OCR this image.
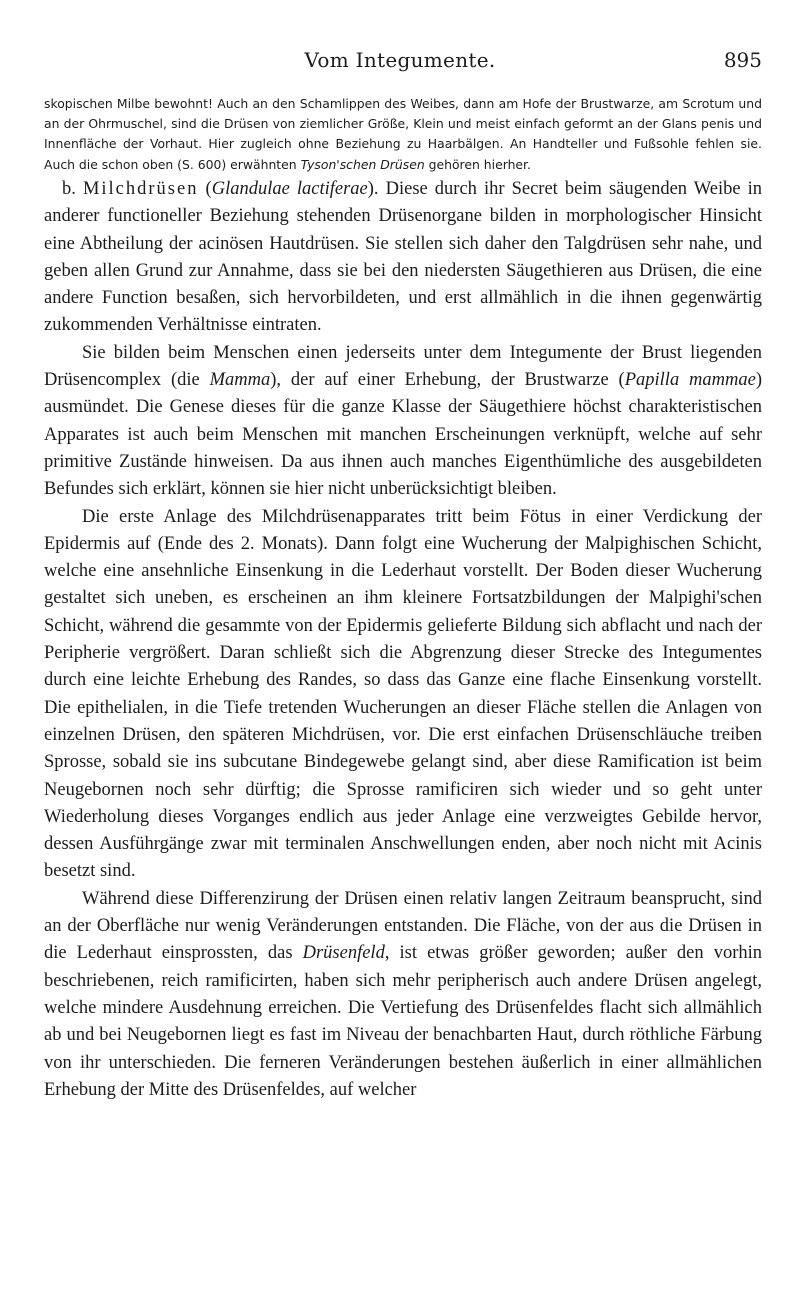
Vom Integumente.	895
skopischen Milbe bewohnt! Auch an den Schamlippen des Weibes, dann am Hofe der Brustwarze, am Scrotum und an der Ohrmuschel, sind die Drüsen von ziemlicher Größe, Klein und meist einfach geformt an der Glans penis und Innenfläche der Vorhaut. Hier zugleich ohne Beziehung zu Haarbälgen. An Handteller und Fußsohle fehlen sie. Auch die schon oben (S. 600) erwähnten Tyson'schen Drüsen gehören hierher.

b. Milchdrüsen (Glandulae lactiferae). Diese durch ihr Secret beim säugenden Weibe in anderer functioneller Beziehung stehenden Drüsenorgane bilden in morphologischer Hinsicht eine Abtheilung der acinösen Hautdrüsen. Sie stellen sich daher den Talgdrüsen sehr nahe, und geben allen Grund zur Annahme, dass sie bei den niedersten Säugethieren aus Drüsen, die eine andere Function besaßen, sich hervorbildeten, und erst allmählich in die ihnen gegenwärtig zukommenden Verhältnisse eintraten.

Sie bilden beim Menschen einen jederseits unter dem Integumente der Brust liegenden Drüsencomplex (die Mamma), der auf einer Erhebung, der Brustwarze (Papilla mammae) ausmündet. Die Genese dieses für die ganze Klasse der Säugethiere höchst charakteristischen Apparates ist auch beim Menschen mit manchen Erscheinungen verknüpft, welche auf sehr primitive Zustände hinweisen. Da aus ihnen auch manches Eigenthümliche des ausgebildeten Befundes sich erklärt, können sie hier nicht unberücksichtigt bleiben.

Die erste Anlage des Milchdrüsenapparates tritt beim Fötus in einer Verdickung der Epidermis auf (Ende des 2. Monats). Dann folgt eine Wucherung der Malpighischen Schicht, welche eine ansehnliche Einsenkung in die Lederhaut vorstellt. Der Boden dieser Wucherung gestaltet sich uneben, es erscheinen an ihm kleinere Fortsatzbildungen der Malpighi'schen Schicht, während die gesammte von der Epidermis gelieferte Bildung sich abflacht und nach der Peripherie vergrößert. Daran schließt sich die Abgrenzung dieser Strecke des Integumentes durch eine leichte Erhebung des Randes, so dass das Ganze eine flache Einsenkung vorstellt. Die epithelialen, in die Tiefe tretenden Wucherungen an dieser Fläche stellen die Anlagen von einzelnen Drüsen, den späteren Michdrüsen, vor. Die erst einfachen Drüsenschläuche treiben Sprosse, sobald sie ins subcutane Bindegewebe gelangt sind, aber diese Ramification ist beim Neugebornen noch sehr dürftig; die Sprosse ramificiren sich wieder und so geht unter Wiederholung dieses Vorganges endlich aus jeder Anlage eine verzweigtes Gebilde hervor, dessen Ausführgänge zwar mit terminalen Anschwellungen enden, aber noch nicht mit Acinis besetzt sind.

Während diese Differenzirung der Drüsen einen relativ langen Zeitraum beansprucht, sind an der Oberfläche nur wenig Veränderungen entstanden. Die Fläche, von der aus die Drüsen in die Lederhaut einsprossten, das Drüsenfeld, ist etwas größer geworden; außer den vorhin beschriebenen, reich ramificirten, haben sich mehr peripherisch auch andere Drüsen angelegt, welche mindere Ausdehnung erreichen. Die Vertiefung des Drüsenfeldes flacht sich allmählich ab und bei Neugebornen liegt es fast im Niveau der benachbarten Haut, durch röthliche Färbung von ihr unterschieden. Die ferneren Veränderungen bestehen äußerlich in einer allmählichen Erhebung der Mitte des Drüsenfeldes, auf welcher
